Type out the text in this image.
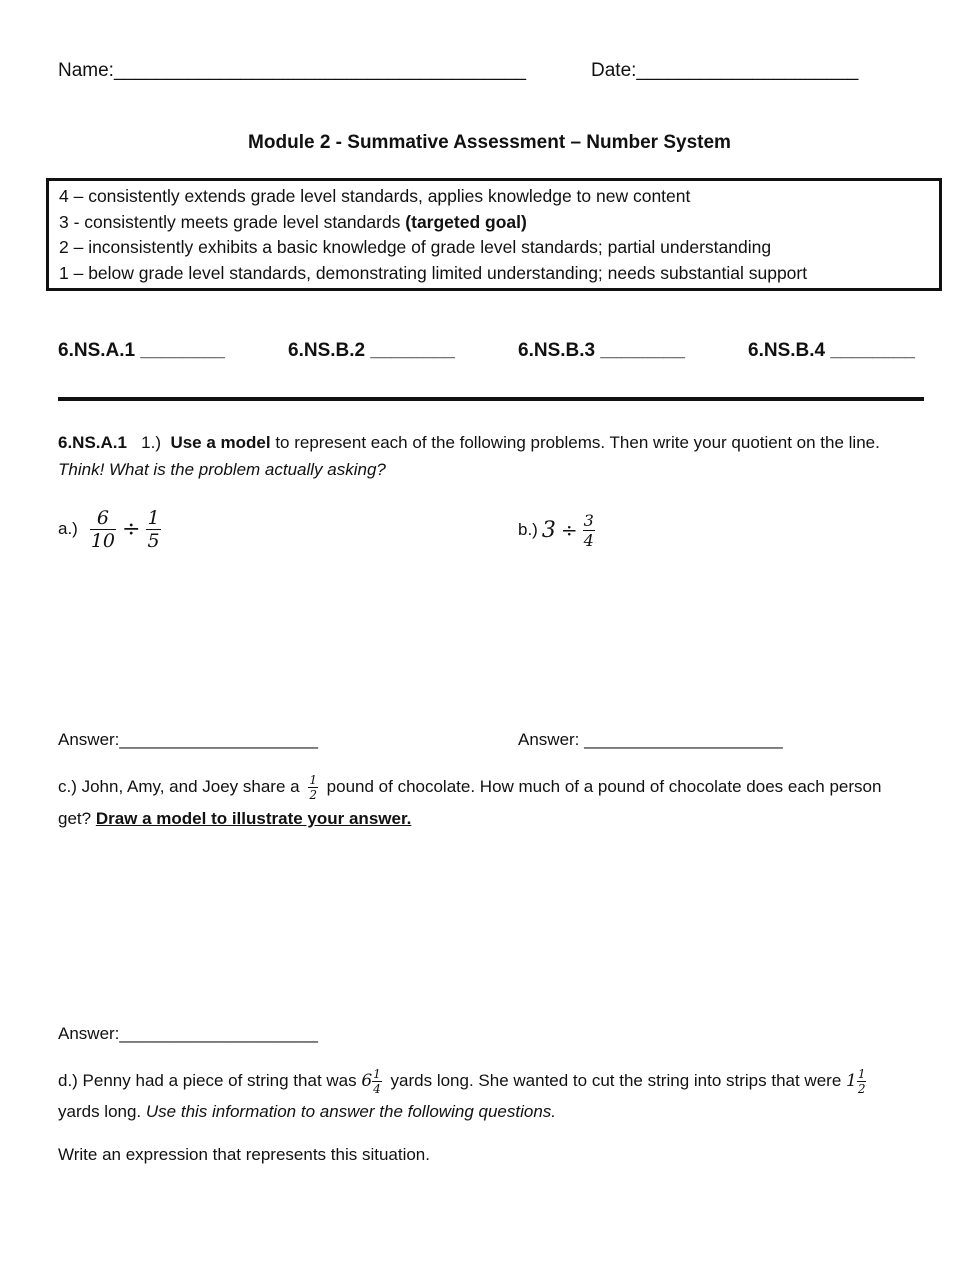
Name:_______________________________________	Date:_____________________
Module 2 - Summative Assessment – Number System
4 – consistently extends grade level standards, applies knowledge to new content
3 - consistently meets grade level standards (targeted goal)
2 – inconsistently exhibits a basic knowledge of grade level standards; partial understanding
1 – below grade level standards, demonstrating limited understanding; needs substantial support
6.NS.A.1 ________	6.NS.B.2 ________	6.NS.B.3 ________	6.NS.B.4 ________
6.NS.A.1 1.) Use a model to represent each of the following problems. Then write your quotient on the line.
Think! What is the problem actually asking?
$a.) \frac{6}{10} \div \frac{1}{5}$	b.) $3 \div \frac{3}{4}$
Answer:_____________________	Answer: _____________________
c.) John, Amy, and Joey share a $\frac{1}{2}$ pound of chocolate. How much of a pound of chocolate does each person
get? Draw a model to illustrate your answer.
Answer:_____________________
d.) Penny had a piece of string that was $6 \frac{1}{4}$ yards long. She wanted to cut the string into strips that were $1 \frac{1}{2}$
yards long. Use this information to answer the following questions.
Write an expression that represents this situation.
